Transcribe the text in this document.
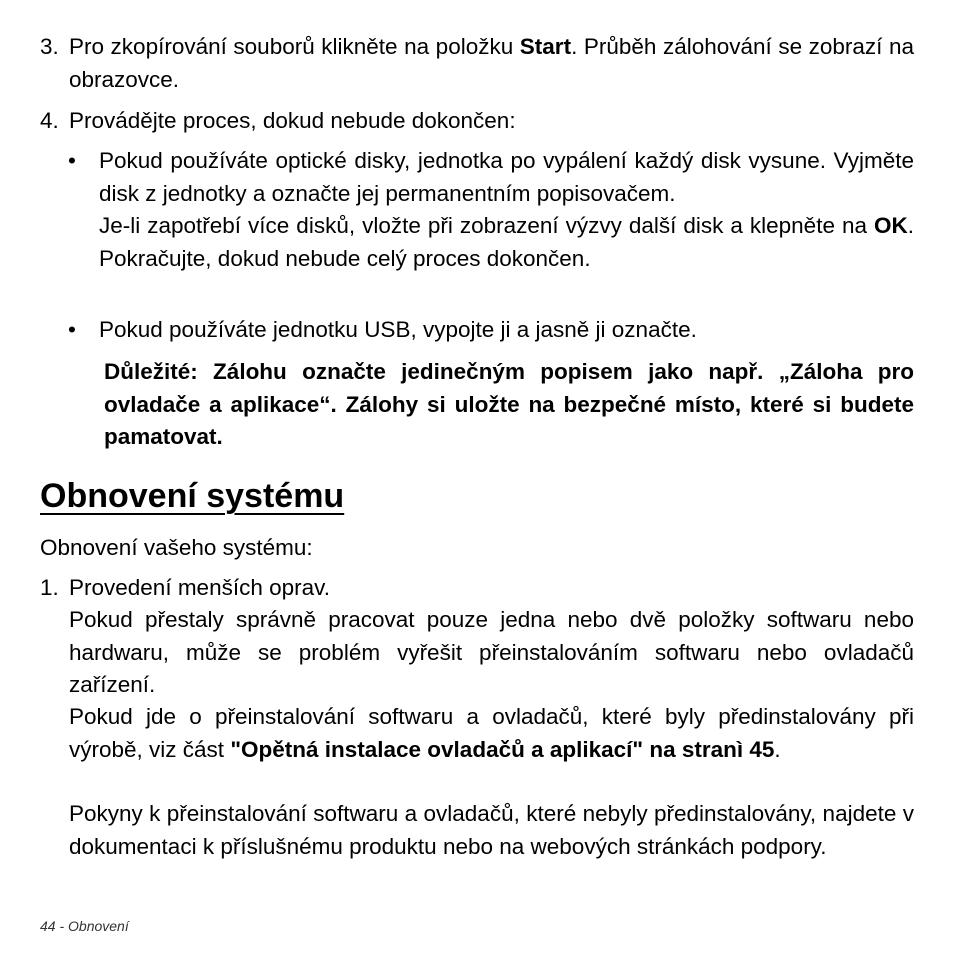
3. Pro zkopírování souborů klikněte na položku Start. Průběh zálohování se zobrazí na obrazovce.

4. Provádějte proces, dokud nebude dokončen:

• Pokud používáte optické disky, jednotka po vypálení každý disk vysune. Vyjměte disk z jednotky a označte jej permanentním popisovačem.

Je-li zapotřebí více disků, vložte při zobrazení výzvy další disk a klepněte na OK. Pokračujte, dokud nebude celý proces dokončen.

• Pokud používáte jednotku USB, vypojte ji a jasně ji označte.

Důležité: Zálohu označte jedinečným popisem jako např. „Záloha pro ovladače a aplikace“. Zálohy si uložte na bezpečné místo, které si budete pamatovat.

Obnovení systému

Obnovení vašeho systému:

1. Provedení menších oprav.

Pokud přestaly správně pracovat pouze jedna nebo dvě položky softwaru nebo hardwaru, může se problém vyřešit přeinstalováním softwaru nebo ovladačů zařízení.

Pokud jde o přeinstalování softwaru a ovladačů, které byly předinstalovány při výrobě, viz část "Opětná instalace ovladačů a aplikací" na stranì 45.

Pokyny k přeinstalování softwaru a ovladačů, které nebyly předinstalovány, najdete v dokumentaci k příslušnému produktu nebo na webových stránkách podpory.

44 - Obnovení
